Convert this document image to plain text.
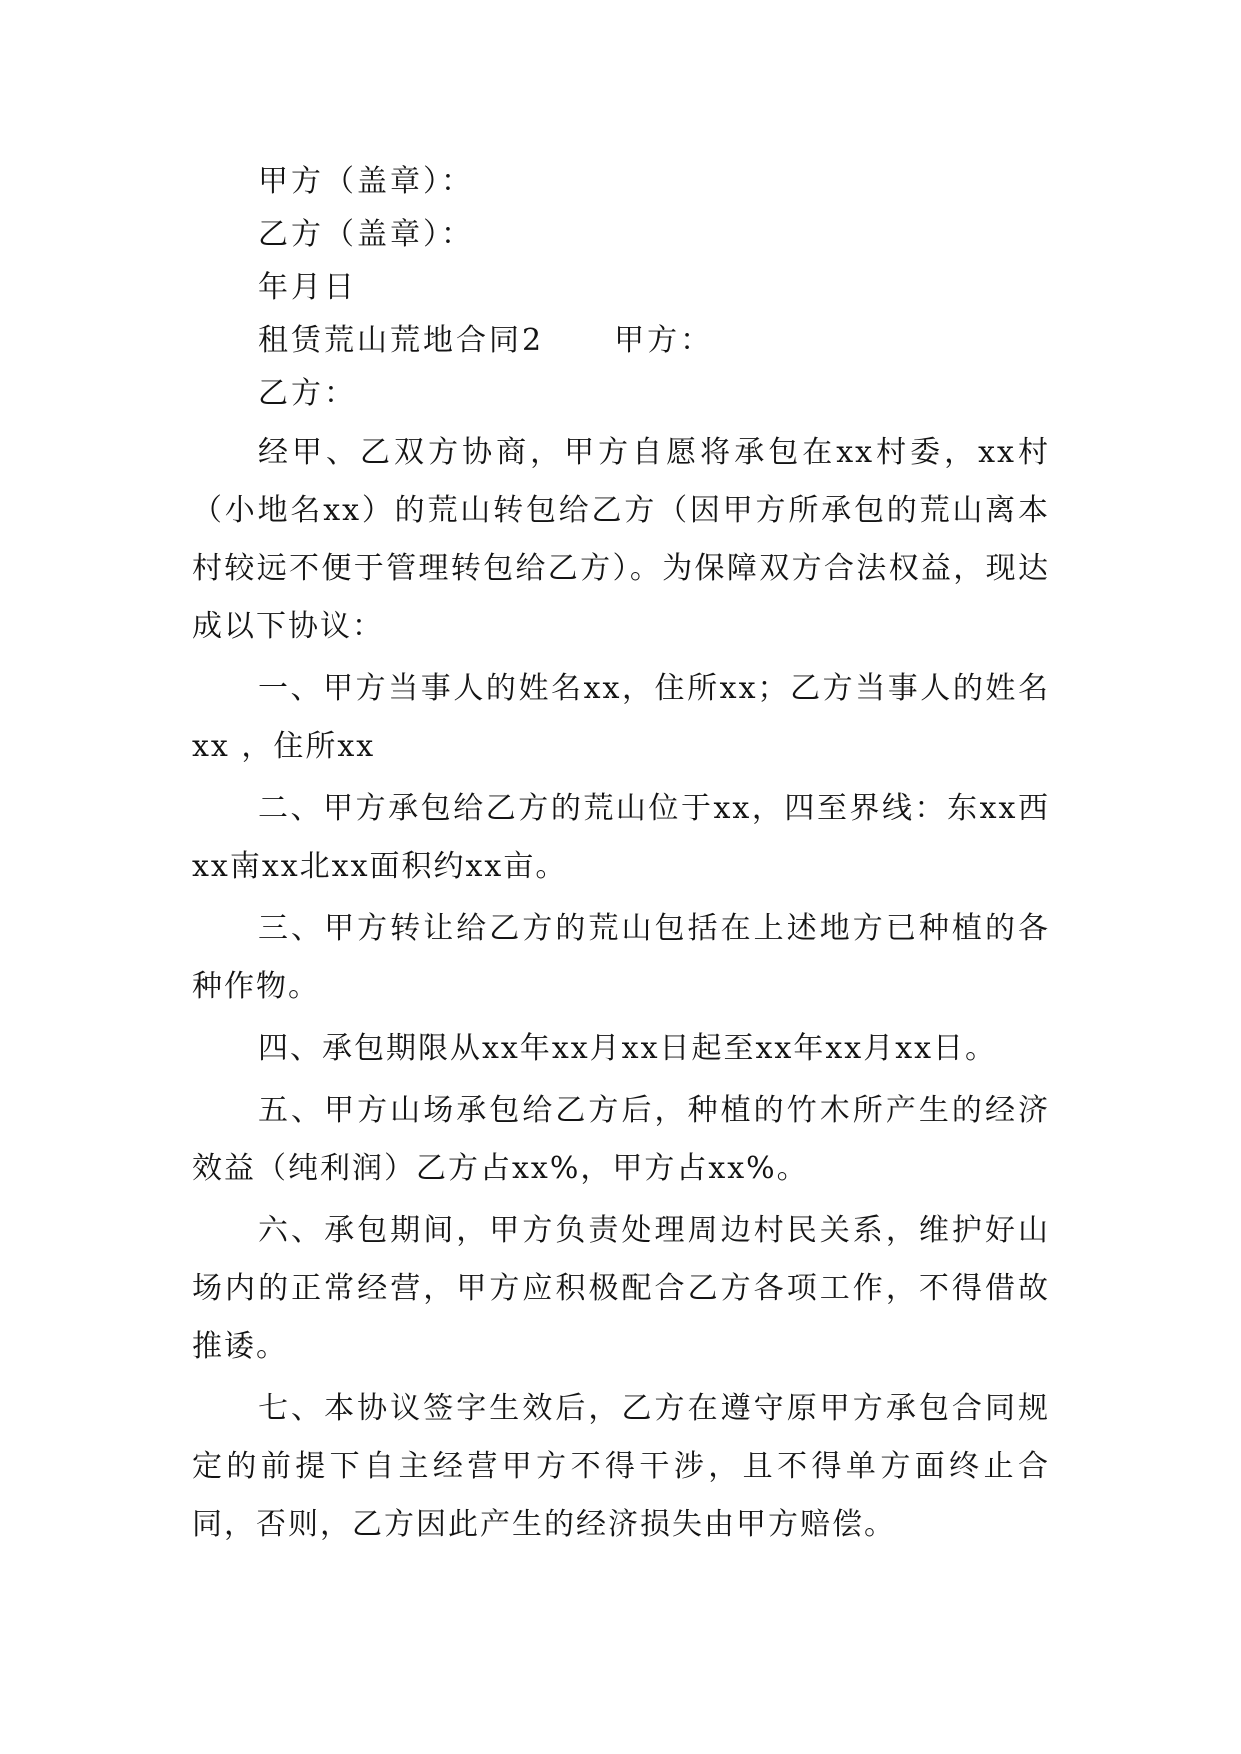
甲方（盖章）：

乙方（盖章）：

年月日

租赁荒山荒地合同2 甲方：

乙方：

经甲、乙双方协商，甲方自愿将承包在xx村委，xx村（小地名xx）的荒山转包给乙方（因甲方所承包的荒山离本村较远不便于管理转包给乙方）。为保障双方合法权益，现达成以下协议：

一、甲方当事人的姓名xx，住所xx；乙方当事人的姓名 xx ，住所xx

二、甲方承包给乙方的荒山位于xx，四至界线：东xx西xx南xx北xx面积约xx亩。

三、甲方转让给乙方的荒山包括在上述地方已种植的各种作物。

四、承包期限从xx年xx月xx日起至xx年xx月xx日。

五、甲方山场承包给乙方后，种植的竹木所产生的经济效益（纯利润）乙方占xx%，甲方占xx%。

六、承包期间，甲方负责处理周边村民关系，维护好山场内的正常经营，甲方应积极配合乙方各项工作，不得借故推诿。

七、本协议签字生效后，乙方在遵守原甲方承包合同规定的前提下自主经营甲方不得干涉，且不得单方面终止合同，否则，乙方因此产生的经济损失由甲方赔偿。
